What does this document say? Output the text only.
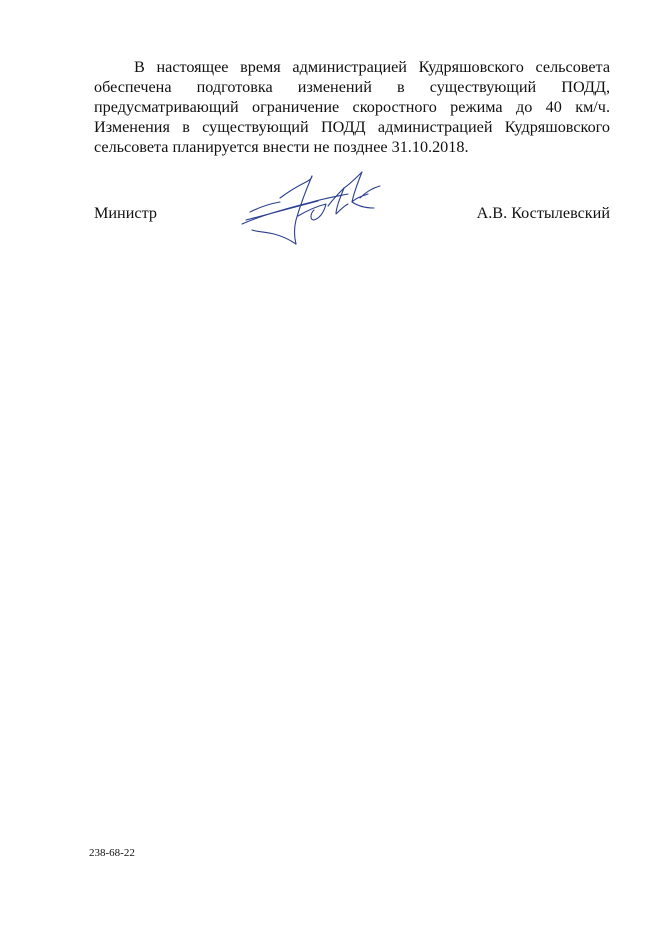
В настоящее время администрацией Кудряшовского сельсовета
обеспечена подготовка изменений в существующий ПОДД,
предусматривающий ограничение скоростного режима до 40 км/ч.
Изменения в существующий ПОДД администрацией Кудряшовского
сельсовета планируется внести не позднее 31.10.2018.
Министр	А.В. Костылевский
238-68-22
